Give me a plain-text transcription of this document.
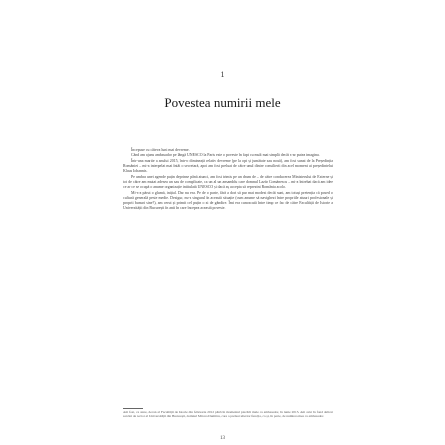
1
Povestea numirii mele

Începuse cu câteva luni mai devreme.

Când am ajuns ambasador pe lângă UNESCO la Paris este o poveste în fapt cu mult mai simplă decât s-ar putea imagina.

Într-una martie a anului 2015, într-o dimineață relativ devreme (pe la opt și jumătate sau nouă), am fost sunat de la Președinția României – mi-a interpelat mai întâi o secretară, apoi am fost preluat de către unul dintre consilierii din acel moment ai președintelui Klaus Iohannis.

Pe umbra unei agende puțin deprinse până atunci, am fost trimis pe un drum de – de către conducerea Ministerului de Externe și tot de către am mutat adesea un sau de complicate, ca un al un ansamblu care domnul Lazăr Comănescu – mi-a întrebat dacă am idee ce ar ce se ocupă o anume organizație intitulată UNESCO și dacă aș accepta să reprezint România acolo.

Mi-s-a părut o glumă, inițial. Dar nu era. Pe de o parte, fără a dori să par mai modest decât sunt, am totuși pretenția că posed o cultură generală peste medie. Desigur, nu-s singurul în această situație (cum anume să navighezi între propriile atuuri profesionale și proprii bunuri sine?), am cerut și primit cel puțin o zi de gândire. Îmi era cunoscută între timp ce fac de către Facultății de Istorie a Universității din București în anii în care începea această poveste.

Am fost, ca atare, decan al Facultății de Istorie din februarie 2012 până în momentul plecării mele ca ambasador, în iunie 2015. Am avut în fond delicat sarcini de rector al Universității din București, domnul Mircea Dumitru, care a preluat ulterior funcția, ca și, în parte, de numirea mea ca ambasador.
13
